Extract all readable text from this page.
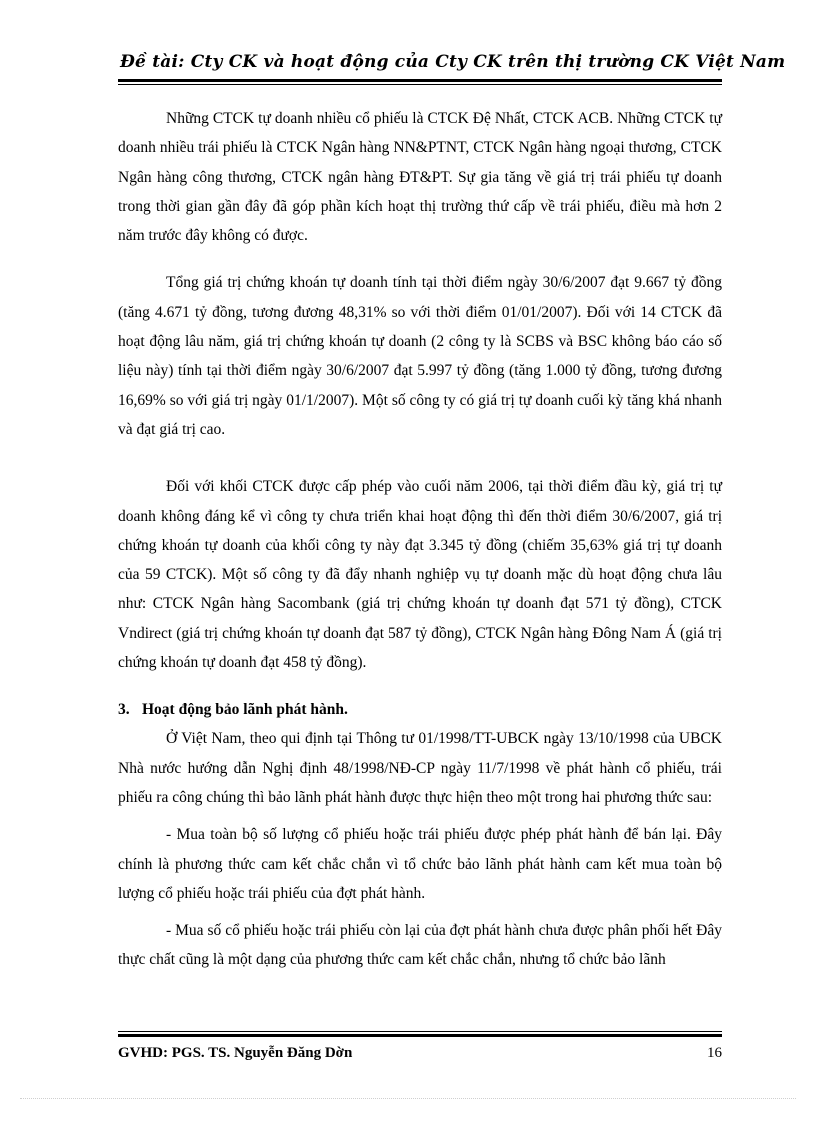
Đề tài: Cty CK và hoạt động của Cty CK trên thị trường CK Việt Nam

Những CTCK tự doanh nhiều cổ phiếu là CTCK Đệ Nhất, CTCK ACB. Những CTCK tự doanh nhiều trái phiếu là CTCK Ngân hàng NN&PTNT, CTCK Ngân hàng ngoại thương, CTCK Ngân hàng công thương, CTCK ngân hàng ĐT&PT. Sự gia tăng về giá trị trái phiếu tự doanh trong thời gian gần đây đã góp phần kích hoạt thị trường thứ cấp về trái phiếu, điều mà hơn 2 năm trước đây không có được.

Tổng giá trị chứng khoán tự doanh tính tại thời điểm ngày 30/6/2007 đạt 9.667 tỷ đồng (tăng 4.671 tỷ đồng, tương đương 48,31% so với thời điểm 01/01/2007). Đối với 14 CTCK đã hoạt động lâu năm, giá trị chứng khoán tự doanh (2 công ty là SCBS và BSC không báo cáo số liệu này) tính tại thời điểm ngày 30/6/2007 đạt 5.997 tỷ đồng (tăng 1.000 tỷ đồng, tương đương 16,69% so với giá trị ngày 01/1/2007). Một số công ty có giá trị tự doanh cuối kỳ tăng khá nhanh và đạt giá trị cao.

Đối với khối CTCK được cấp phép vào cuối năm 2006, tại thời điểm đầu kỳ, giá trị tự doanh không đáng kể vì công ty chưa triển khai hoạt động thì đến thời điểm 30/6/2007, giá trị chứng khoán tự doanh của khối công ty này đạt 3.345 tỷ đồng (chiếm 35,63% giá trị tự doanh của 59 CTCK). Một số công ty đã đẩy nhanh nghiệp vụ tự doanh mặc dù hoạt động chưa lâu như: CTCK Ngân hàng Sacombank (giá trị chứng khoán tự doanh đạt 571 tỷ đồng), CTCK Vndirect (giá trị chứng khoán tự doanh đạt 587 tỷ đồng), CTCK Ngân hàng Đông Nam Á (giá trị chứng khoán tự doanh đạt 458 tỷ đồng).

3. Hoạt động bảo lãnh phát hành.

Ở Việt Nam, theo qui định tại Thông tư 01/1998/TT-UBCK ngày 13/10/1998 của UBCK Nhà nước hướng dẫn Nghị định 48/1998/NĐ-CP ngày 11/7/1998 về phát hành cổ phiếu, trái phiếu ra công chúng thì bảo lãnh phát hành được thực hiện theo một trong hai phương thức sau:

- Mua toàn bộ số lượng cổ phiếu hoặc trái phiếu được phép phát hành để bán lại. Đây chính là phương thức cam kết chắc chắn vì tổ chức bảo lãnh phát hành cam kết mua toàn bộ lượng cổ phiếu hoặc trái phiếu của đợt phát hành.

- Mua số cổ phiếu hoặc trái phiếu còn lại của đợt phát hành chưa được phân phối hết Đây thực chất cũng là một dạng của phương thức cam kết chắc chắn, nhưng tổ chức bảo lãnh

GVHD: PGS. TS. Nguyễn Đăng Dờn	16
